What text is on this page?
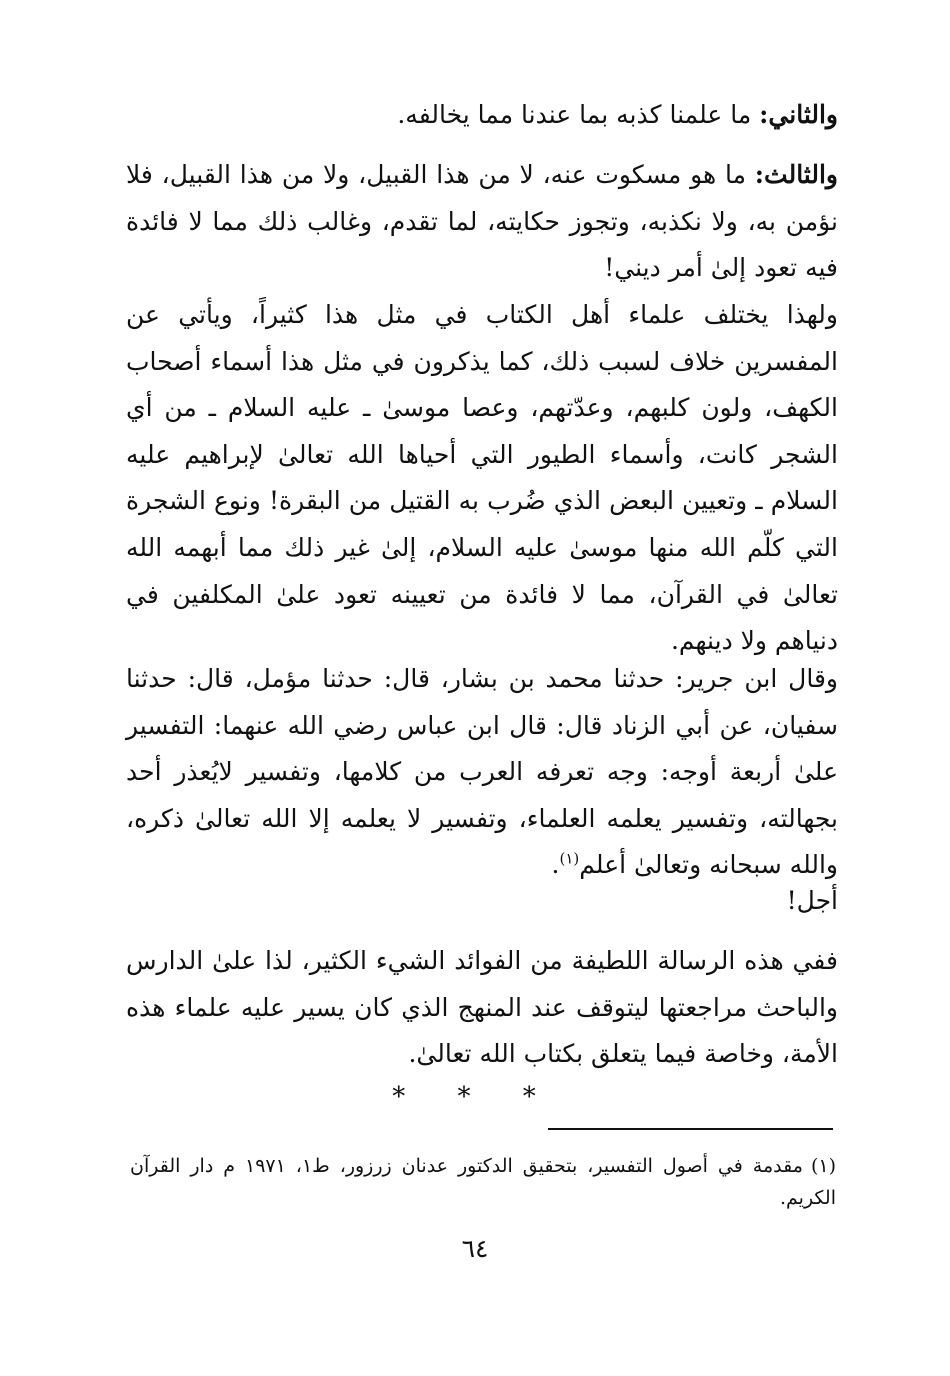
والثاني: ما علمنا كذبه بما عندنا مما يخالفه.

والثالث: ما هو مسكوت عنه، لا من هذا القبيل، ولا من هذا القبيل، فلا نؤمن به، ولا نكذبه، وتجوز حكايته، لما تقدم، وغالب ذلك مما لا فائدة فيه تعود إلىٰ أمر ديني!

ولهذا يختلف علماء أهل الكتاب في مثل هذا كثيراً، ويأتي عن المفسرين خلاف لسبب ذلك، كما يذكرون في مثل هذا أسماء أصحاب الكهف، ولون كلبهم، وعدّتهم، وعصا موسىٰ ـ عليه السلام ـ من أي الشجر كانت، وأسماء الطيور التي أحياها الله تعالىٰ لإبراهيم عليه السلام ـ وتعيين البعض الذي ضُرب به القتيل من البقرة! ونوع الشجرة التي كلّم الله منها موسىٰ عليه السلام، إلىٰ غير ذلك مما أبهمه الله تعالىٰ في القرآن، مما لا فائدة من تعيينه تعود علىٰ المكلفين في دنياهم ولا دينهم.

وقال ابن جرير: حدثنا محمد بن بشار، قال: حدثنا مؤمل، قال: حدثنا سفيان، عن أبي الزناد قال: قال ابن عباس رضي الله عنهما: التفسير علىٰ أربعة أوجه: وجه تعرفه العرب من كلامها، وتفسير لايُعذر أحد بجهالته، وتفسير يعلمه العلماء، وتفسير لا يعلمه إلا الله تعالىٰ ذكره، والله سبحانه وتعالىٰ أعلم$^{(١)}$.

أجل!

ففي هذه الرسالة اللطيفة من الفوائد الشيء الكثير، لذا علىٰ الدارس والباحث مراجعتها ليتوقف عند المنهج الذي كان يسير عليه علماء هذه الأمة، وخاصة فيما يتعلق بكتاب الله تعالىٰ.

* * *

(١)مقدمة في أصول التفسير، بتحقيق الدكتور عدنان زرزور، ط١، ١٩٧١ م دار القرآن الكريم.

٦٤
